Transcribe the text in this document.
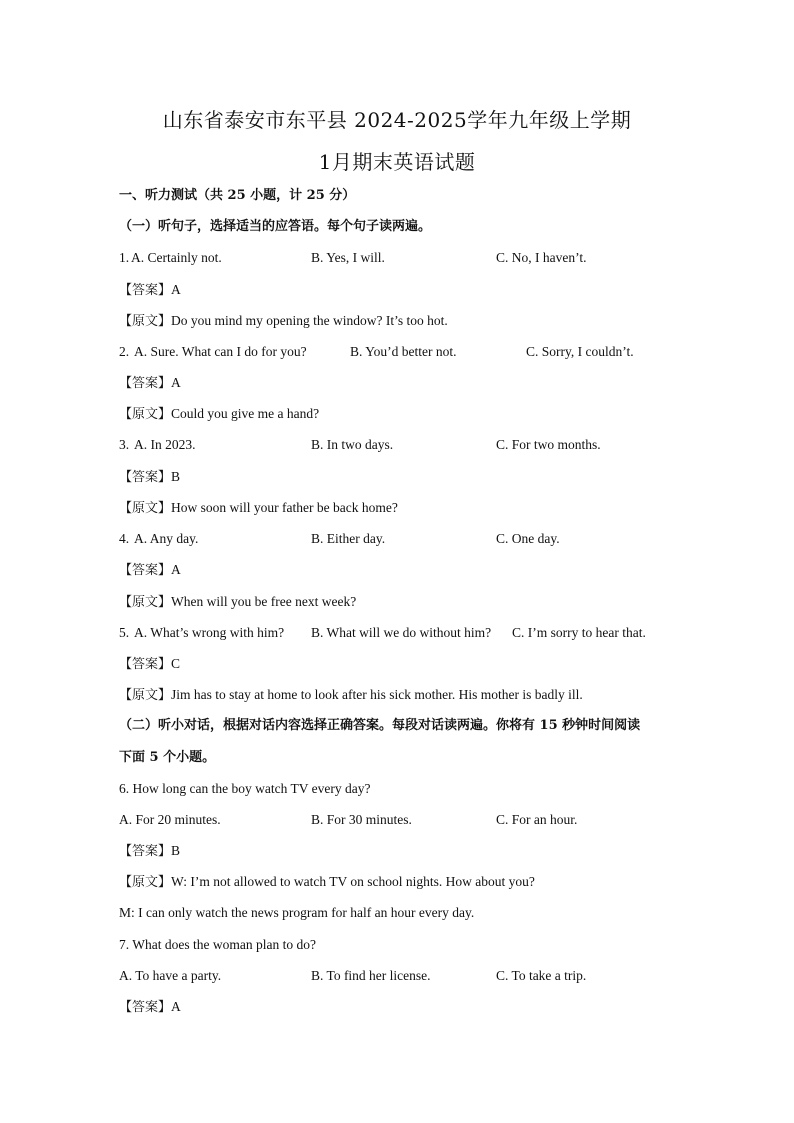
山东省泰安市东平县 2024-2025学年九年级上学期
1月期末英语试题
一、听力测试（共 25 小题，计 25 分）
（一）听句子，选择适当的应答语。每个句子读两遍。
1. A. Certainly not.	B. Yes, I will.	C. No, I haven’t.
【答案】A
【原文】Do you mind my opening the window? It’s too hot.
2. A. Sure. What can I do for you?	B. You’d better not.	C. Sorry, I couldn’t.
【答案】A
【原文】Could you give me a hand?
3. A. In 2023.	B. In two days.	C. For two months.
【答案】B
【原文】How soon will your father be back home?
4. A. Any day.	B. Either day.	C. One day.
【答案】A
【原文】When will you be free next week?
5. A. What’s wrong with him? B. What will we do without him? C. I’m sorry to hear that.
【答案】C
【原文】Jim has to stay at home to look after his sick mother. His mother is badly ill.
（二）听小对话，根据对话内容选择正确答案。每段对话读两遍。你将有 15 秒钟时间阅读
下面 5 个小题。
6. How long can the boy watch TV every day?
A. For 20 minutes.	B. For 30 minutes.	C. For an hour.
【答案】B
【原文】W: I’m not allowed to watch TV on school nights. How about you?
M: I can only watch the news program for half an hour every day.
7. What does the woman plan to do?
A. To have a party.	B. To find her license.	C. To take a trip.
【答案】A
